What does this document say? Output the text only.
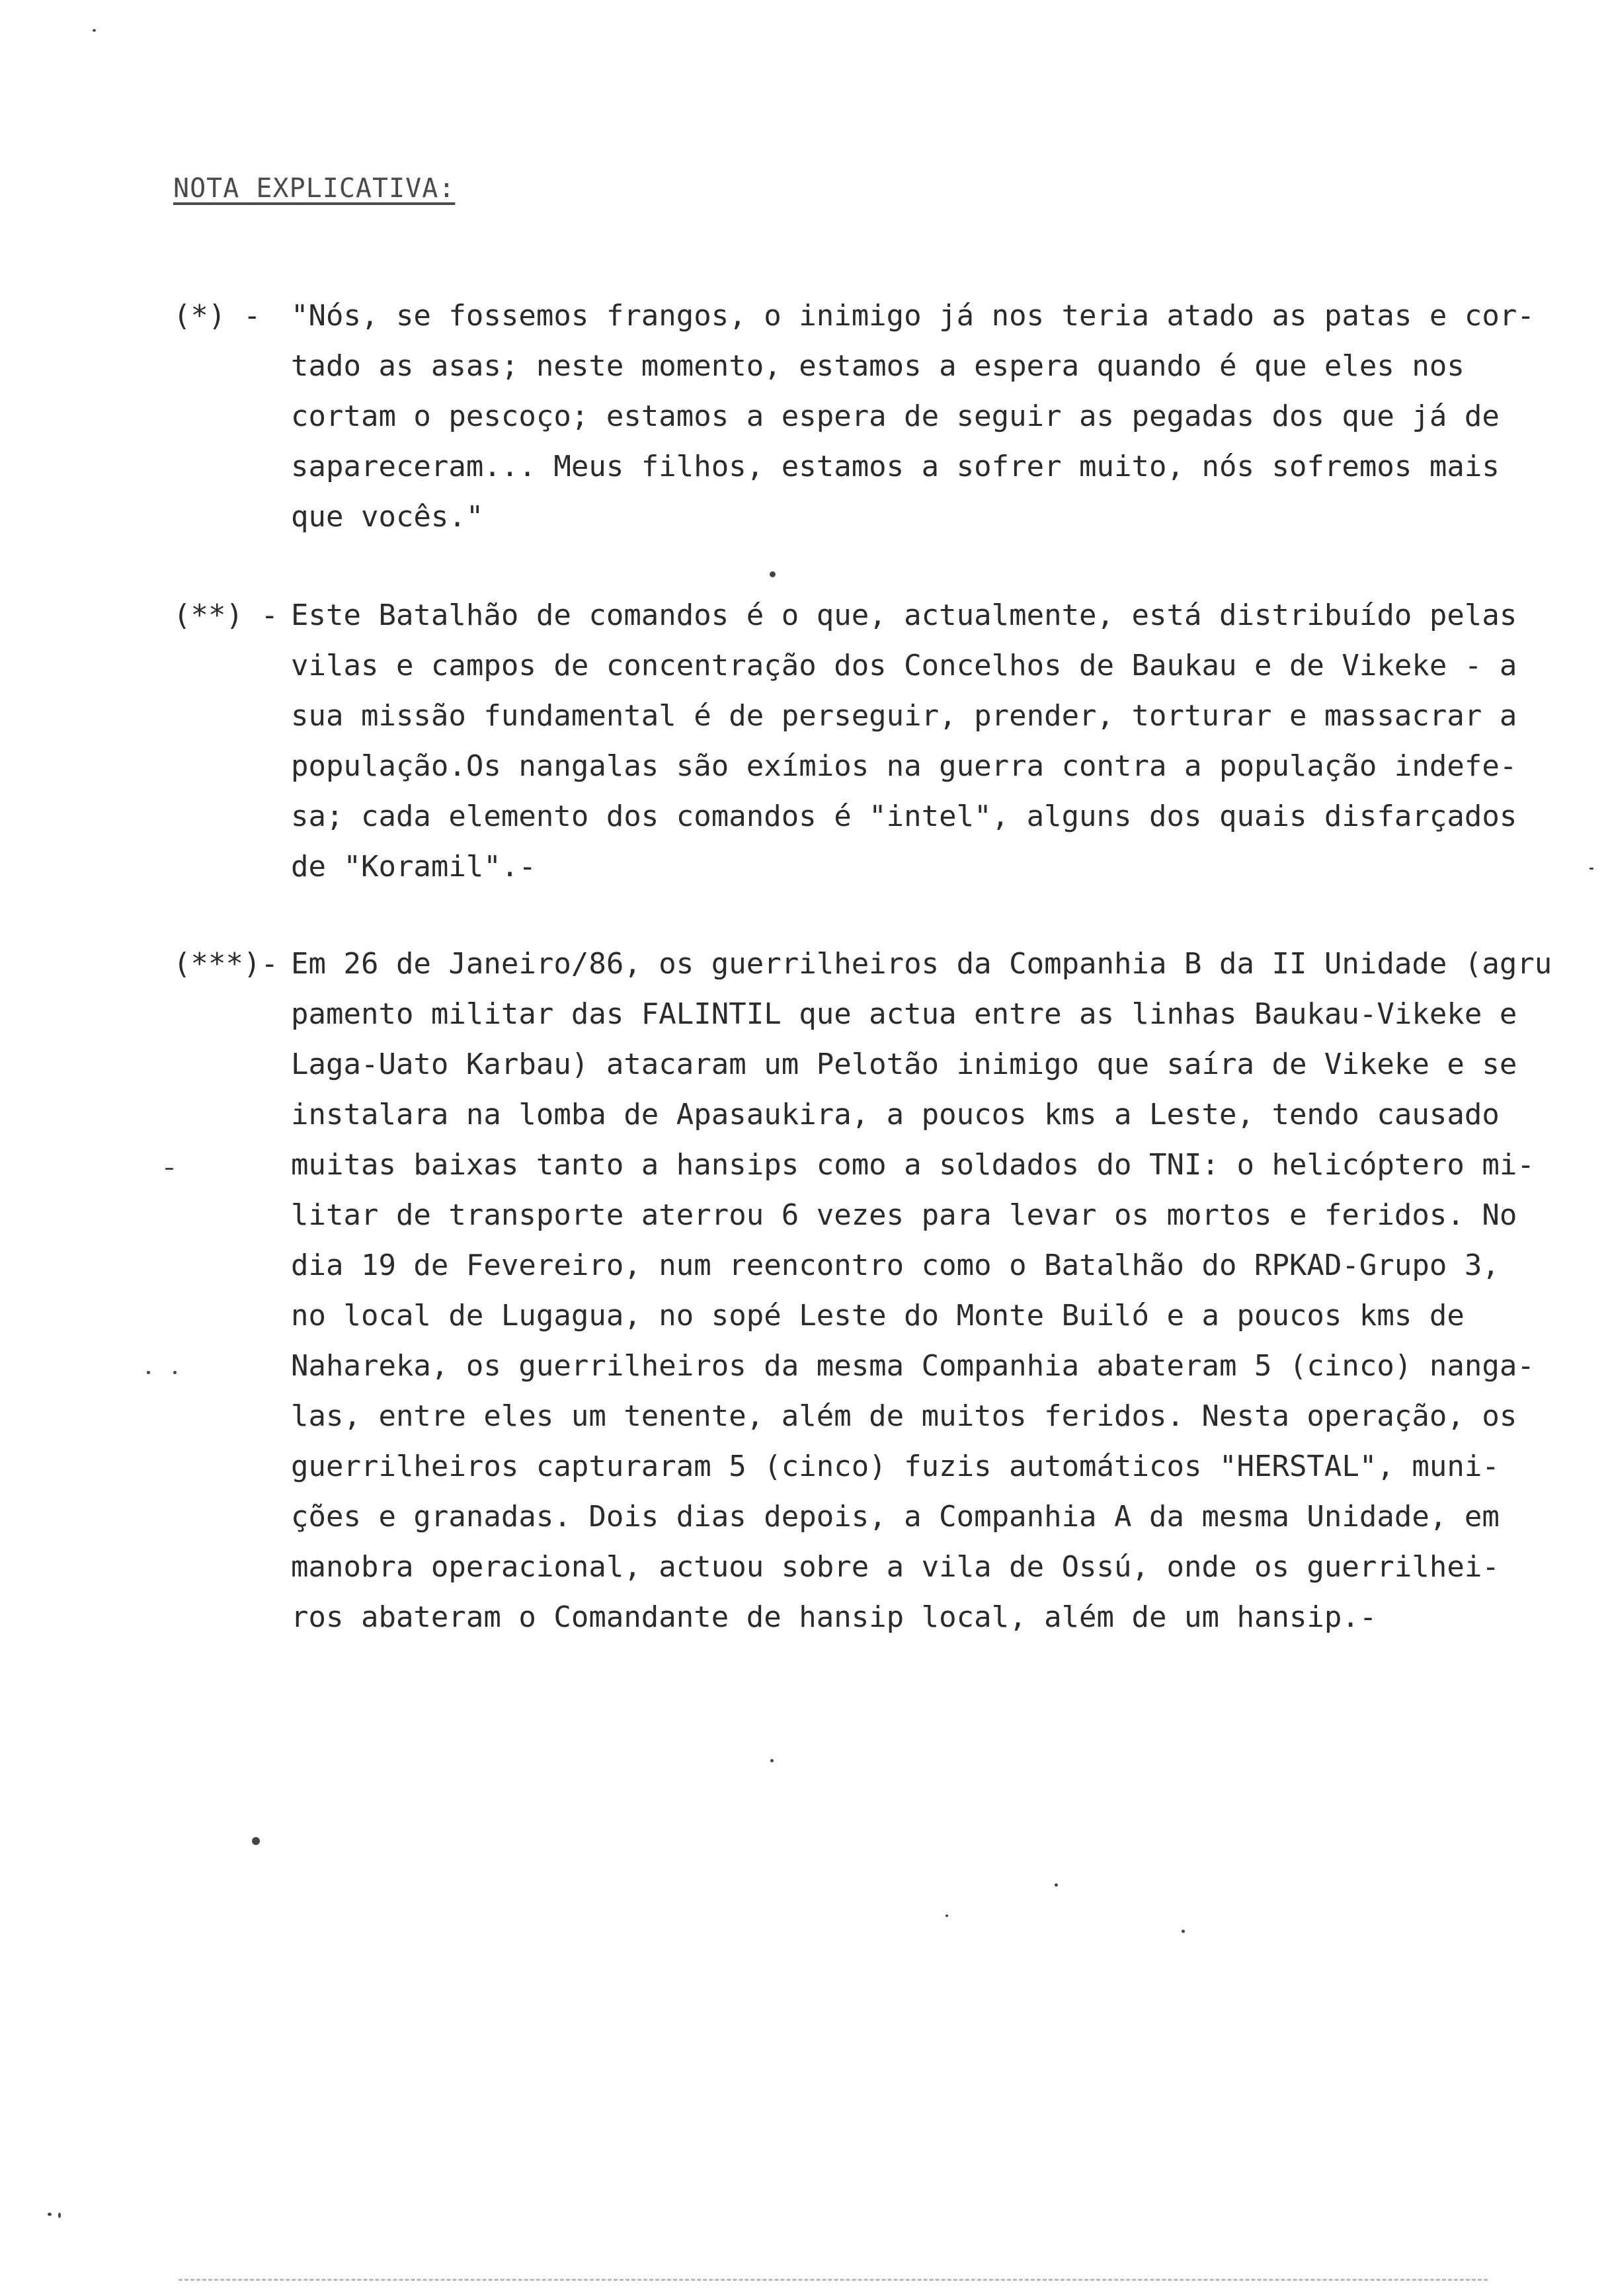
NOTA EXPLICATIVA:
(*) - "Nós, se fossemos frangos, o inimigo já nos teria atado as patas e cor-
tado as asas; neste momento, estamos a espera quando é que eles nos
cortam o pescoço; estamos a espera de seguir as pegadas dos que já de
sapareceram... Meus filhos, estamos a sofrer muito, nós sofremos mais
que vocês."
(**) - Este Batalhão de comandos é o que, actualmente, está distribuído pelas
vilas e campos de concentração dos Concelhos de Baukau e de Vikeke - a
sua missão fundamental é de perseguir, prender, torturar e massacrar a
população.Os nangalas são exímios na guerra contra a população indefe-
sa; cada elemento dos comandos é "intel", alguns dos quais disfarçados
de "Koramil".-
(***)- Em 26 de Janeiro/86, os guerrilheiros da Companhia B da II Unidade (agru
pamento militar das FALINTIL que actua entre as linhas Baukau-Vikeke e
Laga-Uato Karbau) atacaram um Pelotão inimigo que saíra de Vikeke e se
instalara na lomba de Apasaukira, a poucos kms a Leste, tendo causado
muitas baixas tanto a hansips como a soldados do TNI: o helicóptero mi-
litar de transporte aterrou 6 vezes para levar os mortos e feridos. No
dia 19 de Fevereiro, num reencontro como o Batalhão do RPKAD-Grupo 3,
no local de Lugagua, no sopé Leste do Monte Builó e a poucos kms de
Nahareka, os guerrilheiros da mesma Companhia abateram 5 (cinco) nanga-
las, entre eles um tenente, além de muitos feridos. Nesta operação, os
guerrilheiros capturaram 5 (cinco) fuzis automáticos "HERSTAL", muni-
ções e granadas. Dois dias depois, a Companhia A da mesma Unidade, em
manobra operacional, actuou sobre a vila de Ossú, onde os guerrilhei-
ros abateram o Comandante de hansip local, além de um hansip.-
